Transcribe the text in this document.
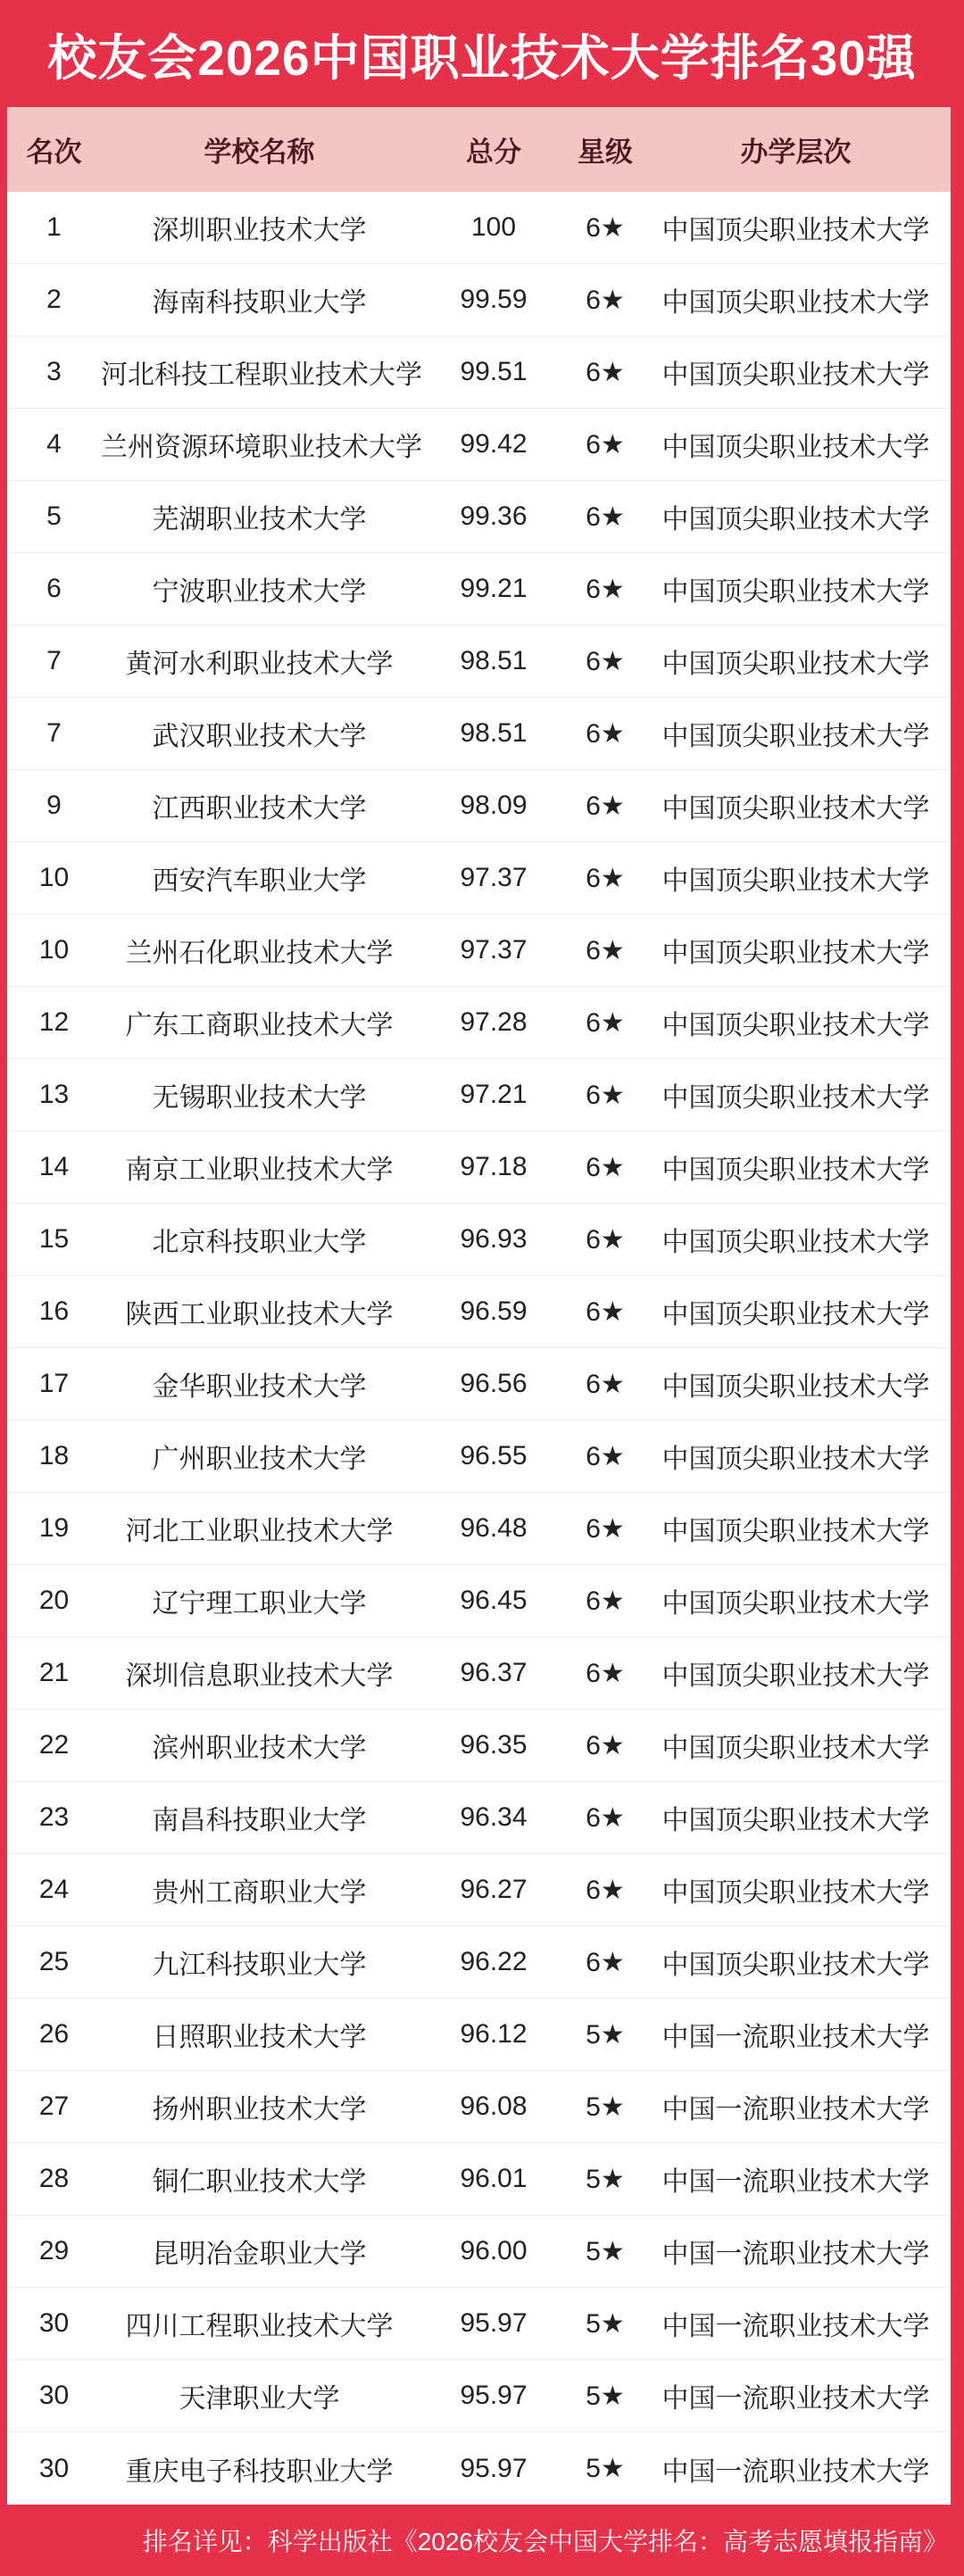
校友会2026中国职业技术大学排名30强
名次	学校名称	总分	星级	办学层次
1	深圳职业技术大学	100	6★	中国顶尖职业技术大学
2	海南科技职业大学	99.59	6★	中国顶尖职业技术大学
3	河北科技工程职业技术大学	99.51	6★	中国顶尖职业技术大学
4	兰州资源环境职业技术大学	99.42	6★	中国顶尖职业技术大学
5	芜湖职业技术大学	99.36	6★	中国顶尖职业技术大学
6	宁波职业技术大学	99.21	6★	中国顶尖职业技术大学
7	黄河水利职业技术大学	98.51	6★	中国顶尖职业技术大学
7	武汉职业技术大学	98.51	6★	中国顶尖职业技术大学
9	江西职业技术大学	98.09	6★	中国顶尖职业技术大学
10	西安汽车职业大学	97.37	6★	中国顶尖职业技术大学
10	兰州石化职业技术大学	97.37	6★	中国顶尖职业技术大学
12	广东工商职业技术大学	97.28	6★	中国顶尖职业技术大学
13	无锡职业技术大学	97.21	6★	中国顶尖职业技术大学
14	南京工业职业技术大学	97.18	6★	中国顶尖职业技术大学
15	北京科技职业大学	96.93	6★	中国顶尖职业技术大学
16	陕西工业职业技术大学	96.59	6★	中国顶尖职业技术大学
17	金华职业技术大学	96.56	6★	中国顶尖职业技术大学
18	广州职业技术大学	96.55	6★	中国顶尖职业技术大学
19	河北工业职业技术大学	96.48	6★	中国顶尖职业技术大学
20	辽宁理工职业大学	96.45	6★	中国顶尖职业技术大学
21	深圳信息职业技术大学	96.37	6★	中国顶尖职业技术大学
22	滨州职业技术大学	96.35	6★	中国顶尖职业技术大学
23	南昌科技职业大学	96.34	6★	中国顶尖职业技术大学
24	贵州工商职业大学	96.27	6★	中国顶尖职业技术大学
25	九江科技职业大学	96.22	6★	中国顶尖职业技术大学
26	日照职业技术大学	96.12	5★	中国一流职业技术大学
27	扬州职业技术大学	96.08	5★	中国一流职业技术大学
28	铜仁职业技术大学	96.01	5★	中国一流职业技术大学
29	昆明冶金职业大学	96.00	5★	中国一流职业技术大学
30	四川工程职业技术大学	95.97	5★	中国一流职业技术大学
30	天津职业大学	95.97	5★	中国一流职业技术大学
30	重庆电子科技职业大学	95.97	5★	中国一流职业技术大学
排名详见：科学出版社《2026校友会中国大学排名：高考志愿填报指南》
